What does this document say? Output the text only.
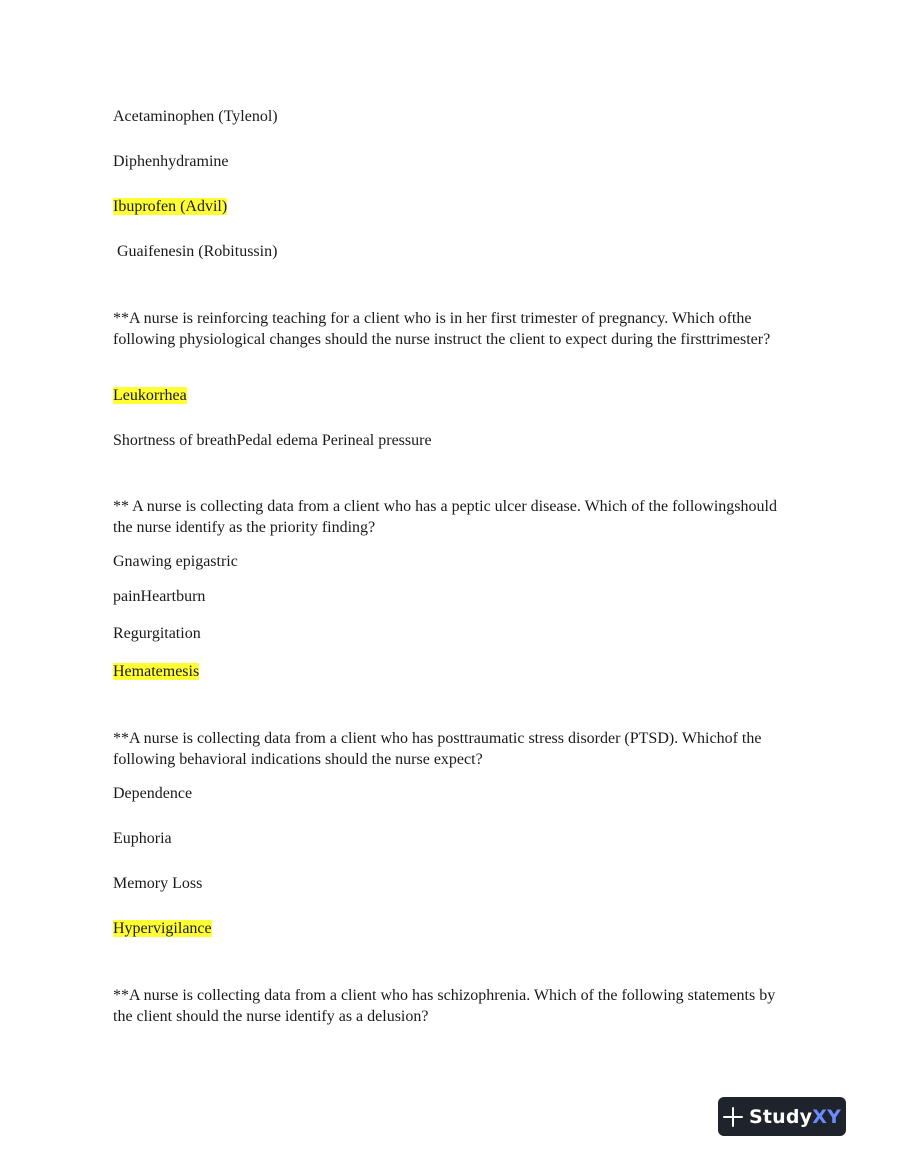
Acetaminophen (Tylenol)
Diphenhydramine
Ibuprofen (Advil)
Guaifenesin (Robitussin)
**A nurse is reinforcing teaching for a client who is in her first trimester of pregnancy. Which ofthe following physiological changes should the nurse instruct the client to expect during the firsttrimester?
Leukorrhea
Shortness of breathPedal edema Perineal pressure
** A nurse is collecting data from a client who has a peptic ulcer disease. Which of the followingshould the nurse identify as the priority finding?
Gnawing epigastric
painHeartburn
Regurgitation
Hematemesis
**A nurse is collecting data from a client who has posttraumatic stress disorder (PTSD). Whichof the following behavioral indications should the nurse expect?
Dependence
Euphoria
Memory Loss
Hypervigilance
**A nurse is collecting data from a client who has schizophrenia. Which of the following statements by the client should the nurse identify as a delusion?
StudyXY
